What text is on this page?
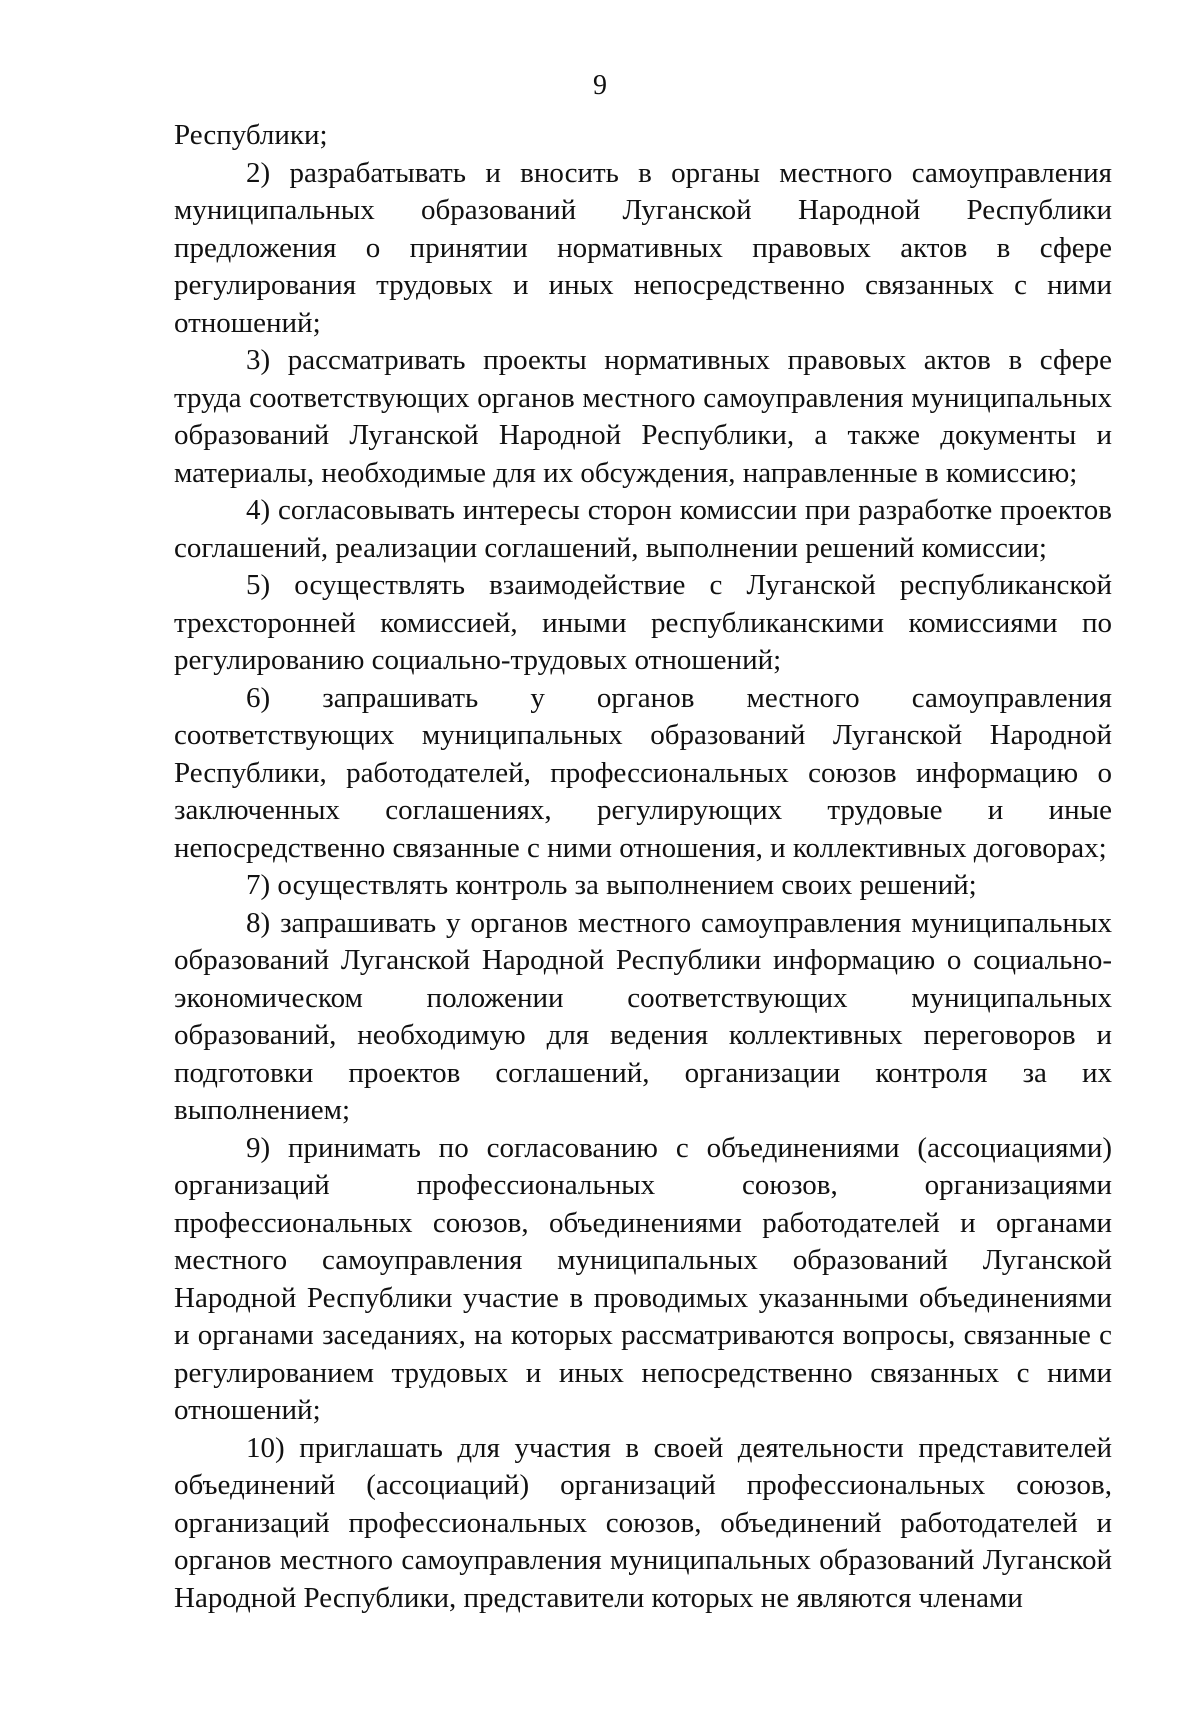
9

Республики;

2) разрабатывать и вносить в органы местного самоуправления муниципальных образований Луганской Народной Республики предложения о принятии нормативных правовых актов в сфере регулирования трудовых и иных непосредственно связанных с ними отношений;

3) рассматривать проекты нормативных правовых актов в сфере труда соответствующих органов местного самоуправления муниципальных образований Луганской Народной Республики, а также документы и материалы, необходимые для их обсуждения, направленные в комиссию;

4) согласовывать интересы сторон комиссии при разработке проектов соглашений, реализации соглашений, выполнении решений комиссии;

5) осуществлять взаимодействие с Луганской республиканской трехсторонней комиссией, иными республиканскими комиссиями по регулированию социально-трудовых отношений;

6) запрашивать у органов местного самоуправления соответствующих муниципальных образований Луганской Народной Республики, работодателей, профессиональных союзов информацию о заключенных соглашениях, регулирующих трудовые и иные непосредственно связанные с ними отношения, и коллективных договорах;

7) осуществлять контроль за выполнением своих решений;

8) запрашивать у органов местного самоуправления муниципальных образований Луганской Народной Республики информацию о социально-экономическом положении соответствующих муниципальных образований, необходимую для ведения коллективных переговоров и подготовки проектов соглашений, организации контроля за их выполнением;

9) принимать по согласованию с объединениями (ассоциациями) организаций профессиональных союзов, организациями профессиональных союзов, объединениями работодателей и органами местного самоуправления муниципальных образований Луганской Народной Республики участие в проводимых указанными объединениями и органами заседаниях, на которых рассматриваются вопросы, связанные с регулированием трудовых и иных непосредственно связанных с ними отношений;

10) приглашать для участия в своей деятельности представителей объединений (ассоциаций) организаций профессиональных союзов, организаций профессиональных союзов, объединений работодателей и органов местного самоуправления муниципальных образований Луганской Народной Республики, представители которых не являются членами
